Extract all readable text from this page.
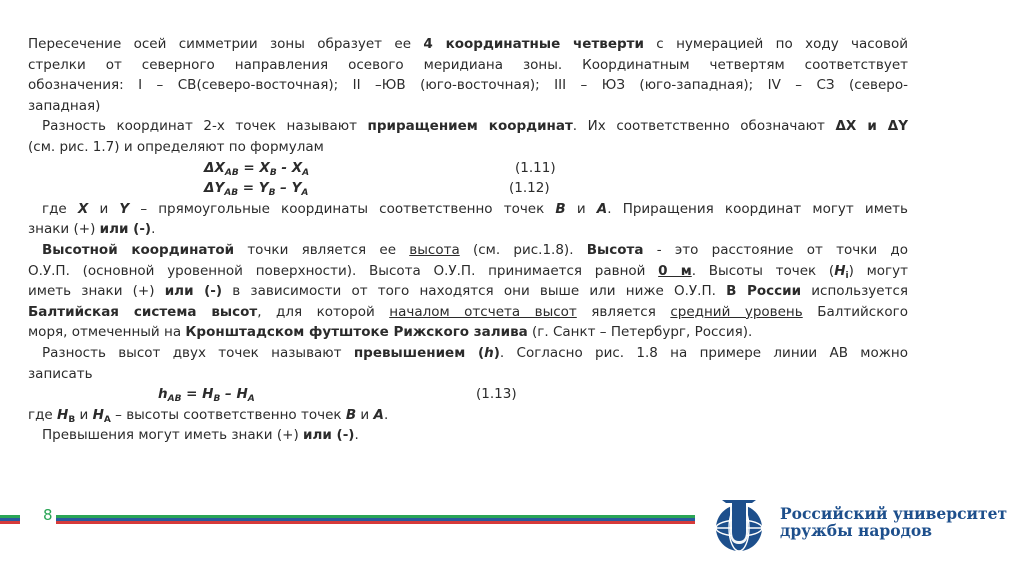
Пересечение осей симметрии зоны образует ее 4 координатные четверти с нумерацией по ходу часовой
стрелки от северного направления осевого меридиана зоны. Координатным четвертям соответствует
обозначения: I – СВ(северо-восточная); II –ЮВ (юго-восточная); III – ЮЗ (юго-западная); IV – СЗ (северо-
западная)
Разность координат 2-х точек называют приращением координат. Их соответственно обозначают ΔX и ΔY
(см. рис. 1.7) и определяют по формулам
$\Delta X_{AB} = X_B - X_A$	(1.11)
$\Delta Y_{AB} = Y_B - Y_A$	(1.12)
где X и Y – прямоугольные координаты соответственно точек B и A. Приращения координат могут иметь
знаки (+) или (-).
Высотной координатой точки является ее высота (см. рис.1.8). Высота - это расстояние от точки до
О.У.П. (основной уровенной поверхности). Высота О.У.П. принимается равной 0 м. Высоты точек $(H_i)$ могут
иметь знаки (+) или (-) в зависимости от того находятся они выше или ниже О.У.П. В России используется
Балтийская система высот, для которой началом отсчета высот является средний уровень Балтийского
моря, отмеченный на Кронштадском футштоке Рижского залива (г. Санкт – Петербург, Россия).
Разность высот двух точек называют превышением (h). Согласно рис. 1.8 на примере линии АВ можно
записать
$h_{AB} = H_B - H_A$	(1.13)
где $H_B$ и $H_A$ – высоты соответственно точек B и A.
Превышения могут иметь знаки (+) или (-).
8	Российский университет
дружбы народов
